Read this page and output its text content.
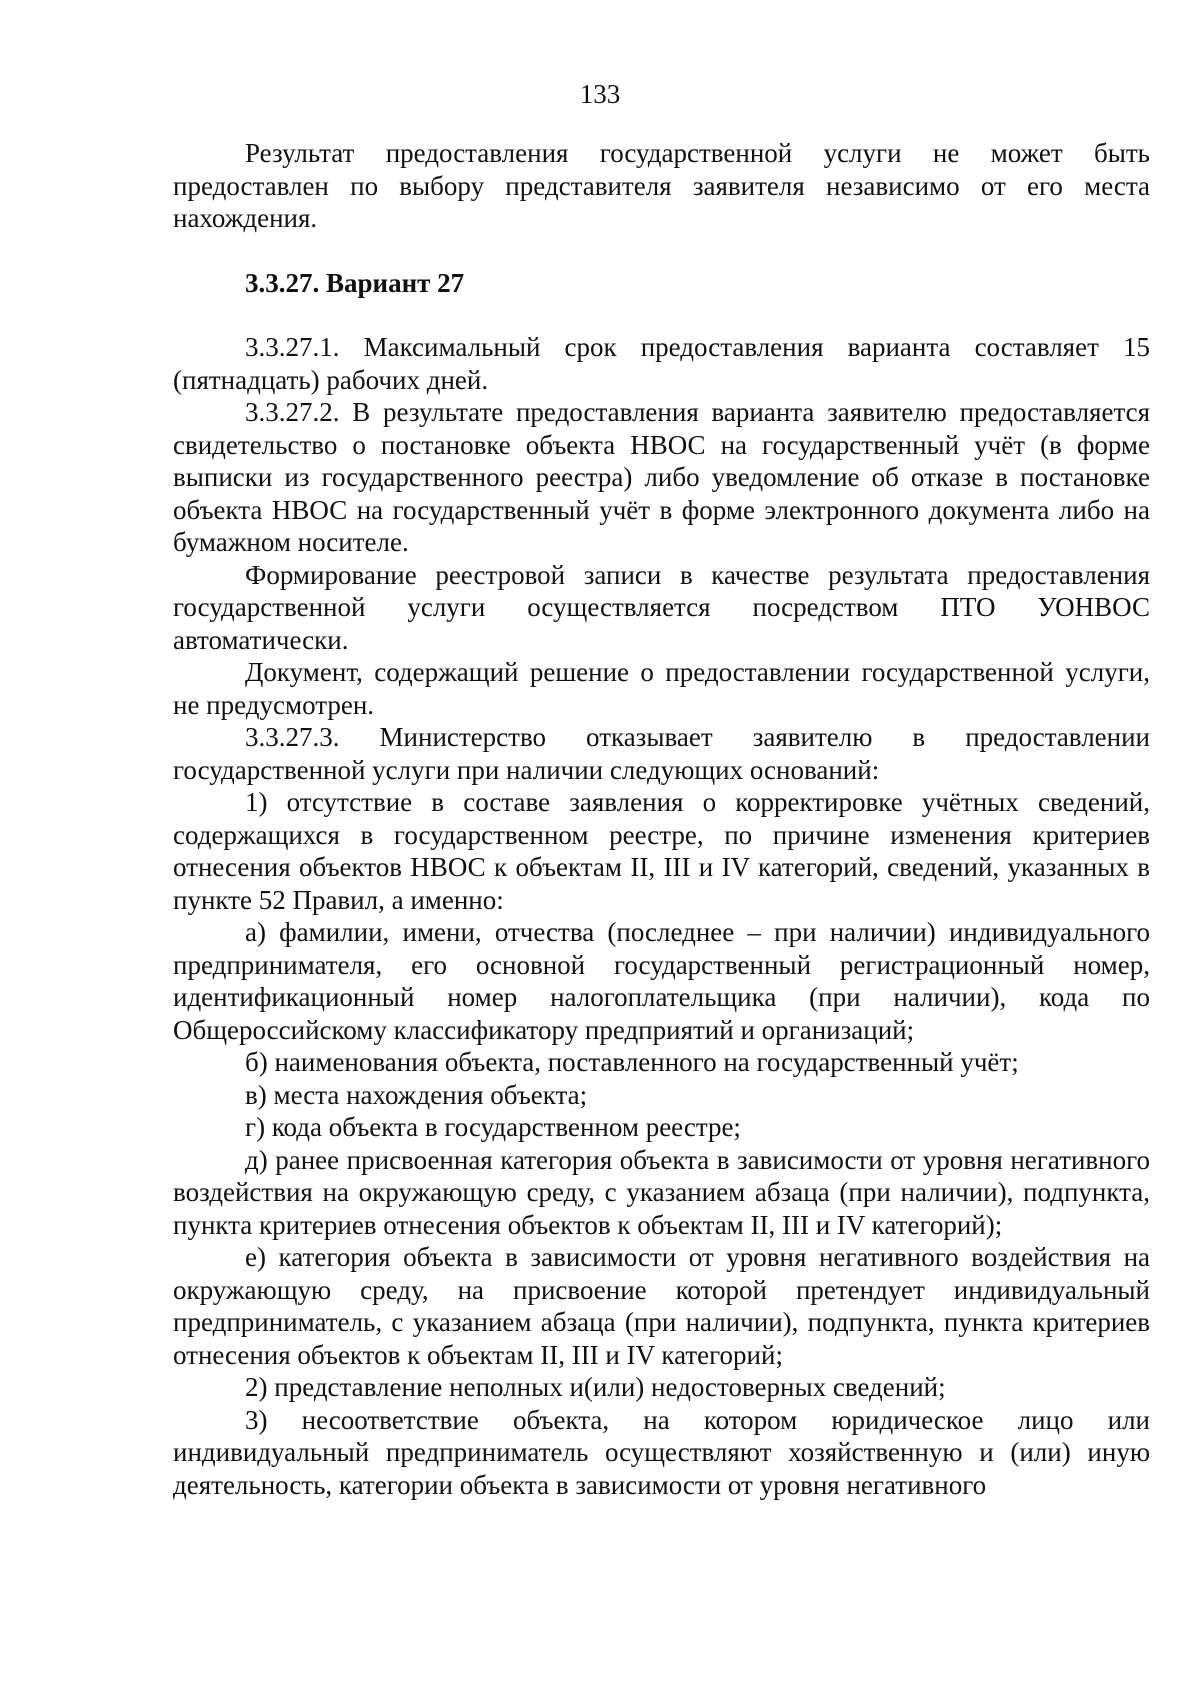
133

Результат предоставления государственной услуги не может быть предоставлен по выбору представителя заявителя независимо от его места нахождения.

3.3.27. Вариант 27

3.3.27.1. Максимальный срок предоставления варианта составляет 15 (пятнадцать) рабочих дней.

3.3.27.2. В результате предоставления варианта заявителю предоставляется свидетельство о постановке объекта НВОС на государственный учёт (в форме выписки из государственного реестра) либо уведомление об отказе в постановке объекта НВОС на государственный учёт в форме электронного документа либо на бумажном носителе.

Формирование реестровой записи в качестве результата предоставления государственной услуги осуществляется посредством ПТО УОНВОС автоматически.

Документ, содержащий решение о предоставлении государственной услуги, не предусмотрен.

3.3.27.3. Министерство отказывает заявителю в предоставлении государственной услуги при наличии следующих оснований:

1) отсутствие в составе заявления о корректировке учётных сведений, содержащихся в государственном реестре, по причине изменения критериев отнесения объектов НВОС к объектам II, III и IV категорий, сведений, указанных в пункте 52 Правил, а именно:

а) фамилии, имени, отчества (последнее – при наличии) индивидуального предпринимателя, его основной государственный регистрационный номер, идентификационный номер налогоплательщика (при наличии), кода по Общероссийскому классификатору предприятий и организаций;

б) наименования объекта, поставленного на государственный учёт;

в) места нахождения объекта;

г) кода объекта в государственном реестре;

д) ранее присвоенная категория объекта в зависимости от уровня негативного воздействия на окружающую среду, с указанием абзаца (при наличии), подпункта, пункта критериев отнесения объектов к объектам II, III и IV категорий);

е) категория объекта в зависимости от уровня негативного воздействия на окружающую среду, на присвоение которой претендует индивидуальный предприниматель, с указанием абзаца (при наличии), подпункта, пункта критериев отнесения объектов к объектам II, III и IV категорий;

2) представление неполных и(или) недостоверных сведений;

3) несоответствие объекта, на котором юридическое лицо или индивидуальный предприниматель осуществляют хозяйственную и (или) иную деятельность, категории объекта в зависимости от уровня негативного
